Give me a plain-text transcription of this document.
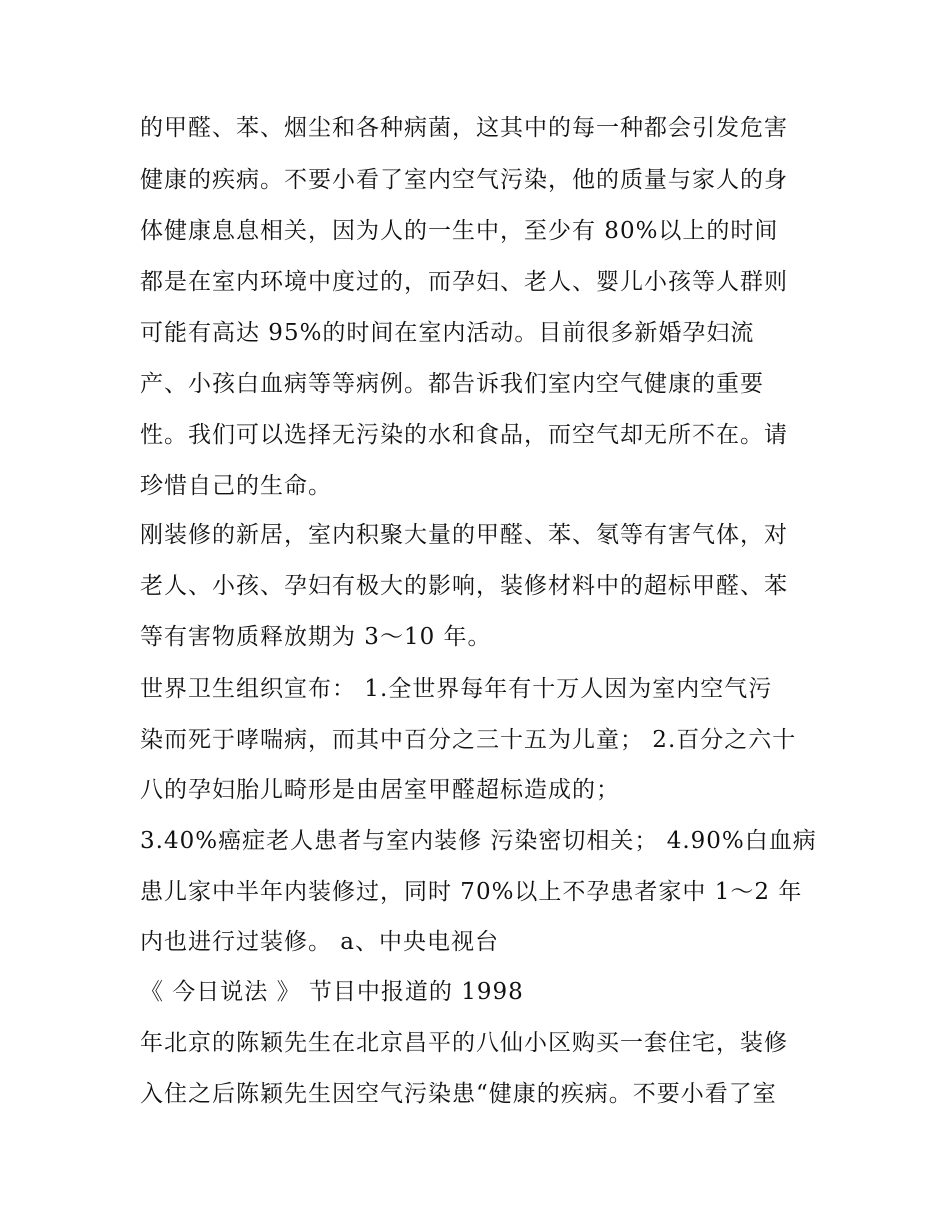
的甲醛、苯、烟尘和各种病菌，这其中的每一种都会引发危害
健康的疾病。不要小看了室内空气污染，他的质量与家人的身
体健康息息相关，因为人的一生中，至少有 80%以上的时间
都是在室内环境中度过的，而孕妇、老人、婴儿小孩等人群则
可能有高达 95%的时间在室内活动。目前很多新婚孕妇流
产、小孩白血病等等病例。都告诉我们室内空气健康的重要
性。我们可以选择无污染的水和食品，而空气却无所不在。请
珍惜自己的生命。
刚装修的新居，室内积聚大量的甲醛、苯、氡等有害气体，对
老人、小孩、孕妇有极大的影响，装修材料中的超标甲醛、苯
等有害物质释放期为 3～10 年。
世界卫生组织宣布： 1.全世界每年有十万人因为室内空气污
染而死于哮喘病，而其中百分之三十五为儿童； 2.百分之六十
八的孕妇胎儿畸形是由居室甲醛超标造成的；
3.40%癌症老人患者与室内装修 污染密切相关； 4.90%白血病
患儿家中半年内装修过，同时 70%以上不孕患者家中 1～2 年
内也进行过装修。 a、中央电视台
《 今日说法 》 节目中报道的 1998
年北京的陈颖先生在北京昌平的八仙小区购买一套住宅，装修
入住之后陈颖先生因空气污染患“健康的疾病。不要小看了室
